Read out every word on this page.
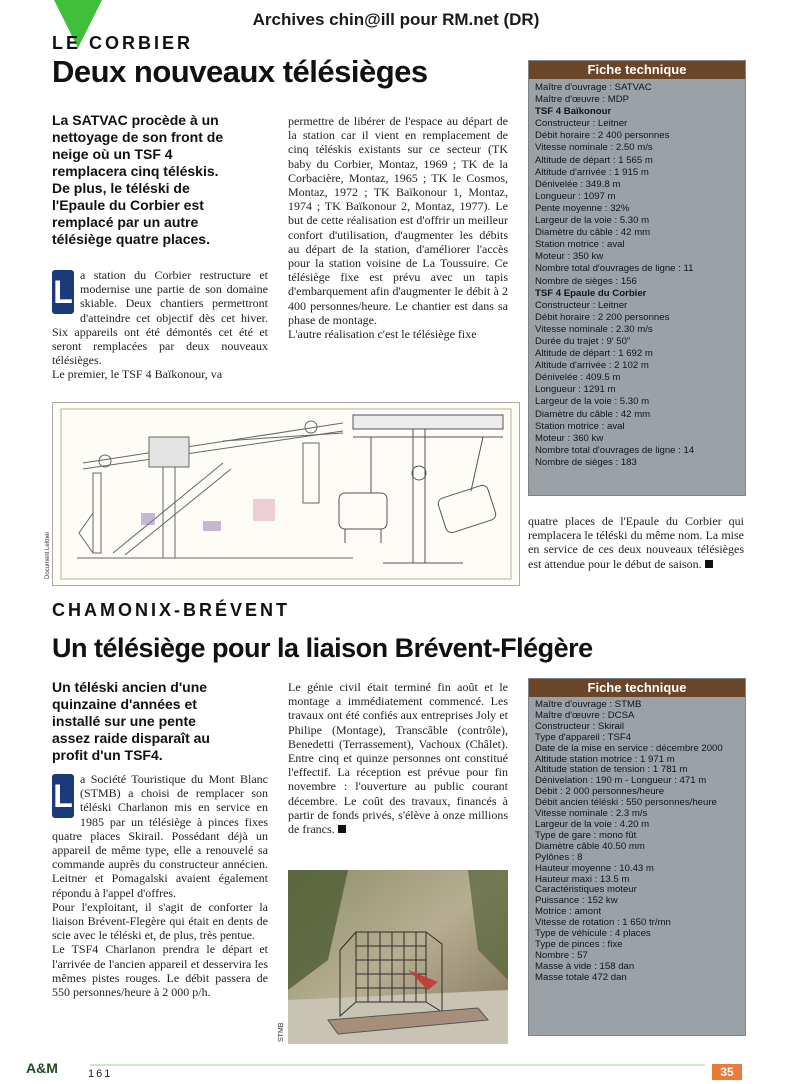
Archives chin@ill pour RM.net (DR)
LE CORBIER
Deux nouveaux télésièges

La SATVAC procède à un

nettoyage de son front de

neige où un TSF 4

remplacera cinq téléskis.

De plus, le téléski de

l'Epaule du Corbier est

remplacé par un autre

télésiège quatre places.

L a station du Corbier restructure et modernise une partie de son domaine skiable. Deux chantiers permettront d'atteindre cet objectif dès cet hiver. Six appareils ont été démontés cet été et seront remplacées par deux nouveaux télésièges.

Le premier, le TSF 4 Baïkonour, va

permettre de libérer de l'espace au départ de la station car il vient en remplacement de cinq téléskis existants sur ce secteur (TK baby du Corbier, Montaz, 1969 ; TK de la Corbacière, Montaz, 1965 ; TK le Cosmos, Montaz, 1972 ; TK Baïkonour 1, Montaz, 1974 ; TK Baïkonour 2, Montaz, 1977). Le but de cette réalisation est d'offrir un meilleur confort d'utilisation, d'augmenter les débits au départ de la station, d'améliorer l'accès pour la station voisine de La Toussuire. Ce télésiège fixe est prévu avec un tapis d'embarquement afin d'augmenter le débit à 2 400 personnes/heure. Le chantier est dans sa phase de montage.

L'autre réalisation c'est le télésiège fixe

Fiche technique
Maître d'ouvrage : SATVAC
Maître d'œuvre : MDP
TSF 4 Baïkonour
Constructeur : Leitner
Débit horaire : 2 400 personnes
Vitesse nominale : 2.50 m/s
Altitude de départ : 1 565 m
Altitude d'arrivée : 1 915 m
Dénivelée : 349.8 m
Longueur : 1097 m
Pente moyenne : 32%
Largeur de la voie : 5.30 m
Diamètre du câble : 42 mm
Station motrice : aval
Moteur : 350 kw
Nombre total d'ouvrages de ligne : 11
Nombre de sièges : 156
TSF 4 Epaule du Corbier
Constructeur : Leitner
Débit horaire : 2 200 personnes
Vitesse nominale : 2.30 m/s
Durée du trajet : 9' 50"
Altitude de départ : 1 692 m
Altitude d'arrivée : 2 102 m
Dénivelée : 409.5 m
Longueur : 1291 m
Largeur de la voie : 5.30 m
Diamètre du câble : 42 mm
Station motrice : aval
Moteur : 360 kw
Nombre total d'ouvrages de ligne : 14
Nombre de sièges : 183
Document Leitner

quatre places de l'Epaule du Corbier qui remplacera le téléski du même nom. La mise en service de ces deux nouveaux télésièges est attendue pour le début de saison.

CHAMONIX-BRÉVENT
Un télésiège pour la liaison Brévent-Flégère

Un téléski ancien d'une

quinzaine d'années et

installé sur une pente

assez raide disparaît au

profit d'un TSF4.

L a Société Touristique du Mont Blanc (STMB) a choisi de remplacer son téléski Charlanon mis en service en 1985 par un télésiège à pinces fixes quatre places Skirail. Possédant déjà un appareil de même type, elle a renouvelé sa commande auprès du constructeur annécien. Leitner et Pomagalski avaient également répondu à l'appel d'offres.

Pour l'exploitant, il s'agit de conforter la liaison Brévent-Flegère qui était en dents de scie avec le téléski et, de plus, très pentue.

Le TSF4 Charlanon prendra le départ et l'arrivée de l'ancien appareil et desservira les mêmes pistes rouges. Le débit passera de 550 personnes/heure à 2 000 p/h.

Le génie civil était terminé fin août et le montage a immédiatement commencé. Les travaux ont été confiés aux entreprises Joly et Philipe (Montage), Transcâble (contrôle), Benedetti (Terrassement), Vachoux (Châlet). Entre cinq et quinze personnes ont constitué l'effectif. La réception est prévue pour fin novembre : l'ouverture au public courant décembre. Le coût des travaux, financés à partir de fonds privés, s'élève à onze millions de francs.

STMB
Fiche technique
Maître d'ouvrage : STMB
Maître d'œuvre : DCSA
Constructeur : Skirail
Type d'appareil : TSF4
Date de la mise en service : décembre 2000
Altitude station motrice : 1 971 m
Altitude station de tension : 1 781 m
Dénivelation : 190 m - Longueur : 471 m
Débit : 2 000 personnes/heure
Débit ancien téléski : 550 personnes/heure
Vitesse nominale : 2.3 m/s
Largeur de la voie : 4.20 m
Type de gare : mono fût
Diamètre câble 40.50 mm
Pylônes : 8
Hauteur moyenne : 10.43 m
Hauteur maxi : 13.5 m
Caractéristiques moteur
Puissance : 152 kw
Motrice : amont
Vitesse de rotation : 1 650 tr/mn
Type de véhicule : 4 places
Type de pinces : fixe
Nombre : 57
Masse à vide : 158 dan
Masse totale 472 dan
A&M	161	35
